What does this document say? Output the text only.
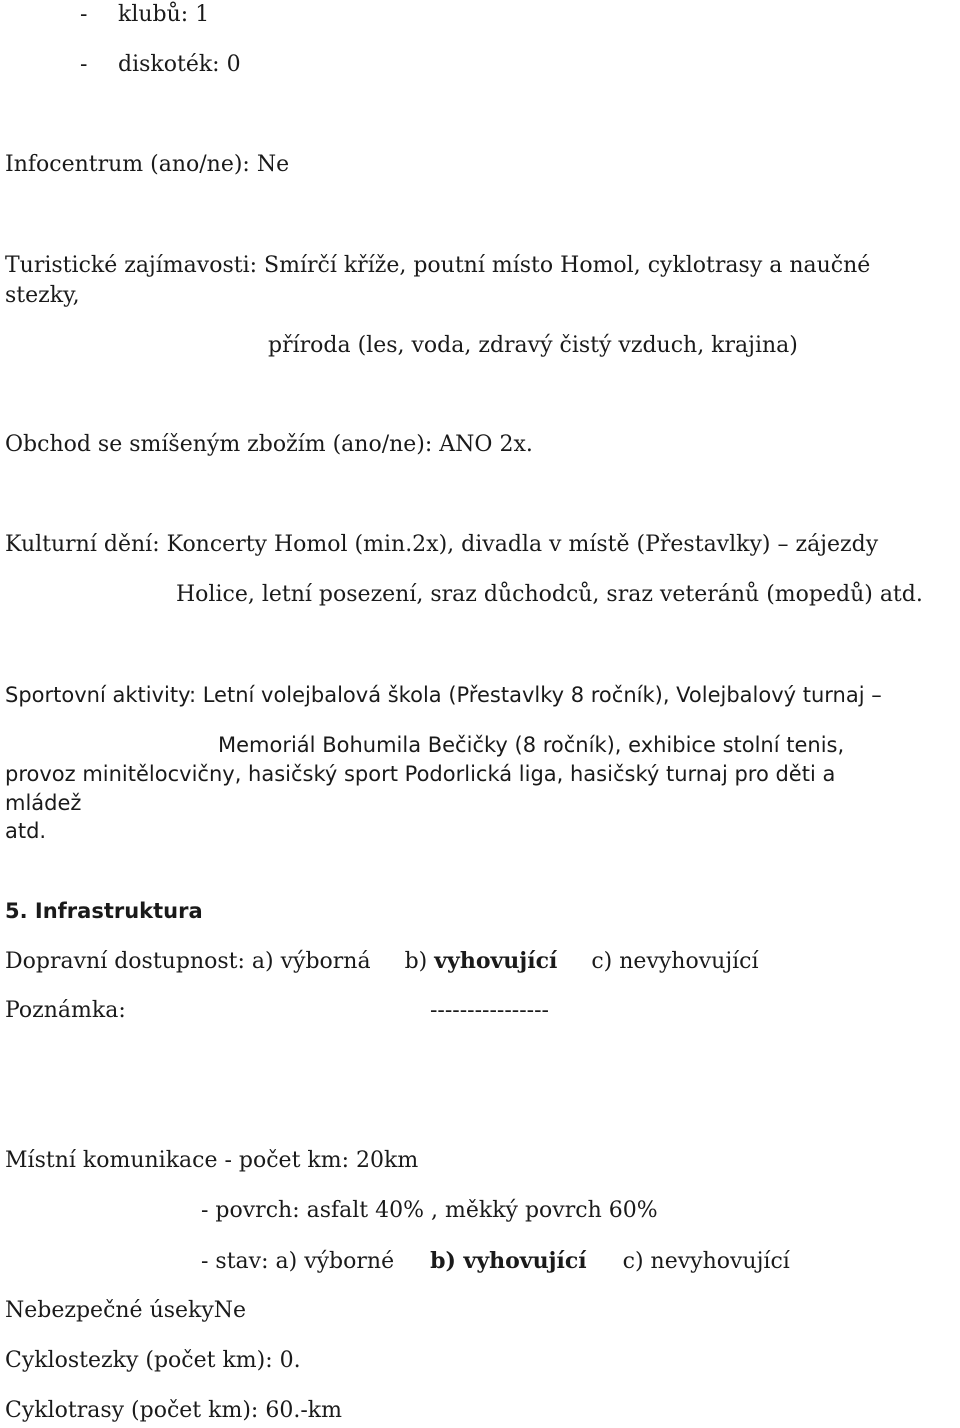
- klubů: 1
- diskoték: 0
Infocentrum (ano/ne): Ne
Turistické zajímavosti: Smírčí kříže, poutní místo Homol, cyklotrasy a naučné
stezky,
příroda (les, voda, zdravý čistý vzduch, krajina)
Obchod se smíšeným zbožím (ano/ne): ANO 2x.
Kulturní dění: Koncerty Homol (min.2x), divadla v místě (Přestavlky) – zájezdy
Holice, letní posezení, sraz důchodců, sraz veteránů (mopedů) atd.
Sportovní aktivity: Letní volejbalová škola (Přestavlky 8 ročník), Volejbalový turnaj –
Memoriál Bohumila Bečičky (8 ročník), exhibice stolní tenis,
provoz minitělocvičny, hasičský sport Podorlická liga, hasičský turnaj pro děti a
mládež
atd.
5. Infrastruktura
Dopravní dostupnost: a) výborná b) vyhovující c) nevyhovující
Poznámka:	----------------
Místní komunikace - počet km: 20km
- povrch: asfalt 40% , měkký povrch 60%
- stav: a) výborné b) vyhovující c) nevyhovující
Nebezpečné úsekyNe
Cyklostezky (počet km): 0.
Cyklotrasy (počet km): 60.-km
